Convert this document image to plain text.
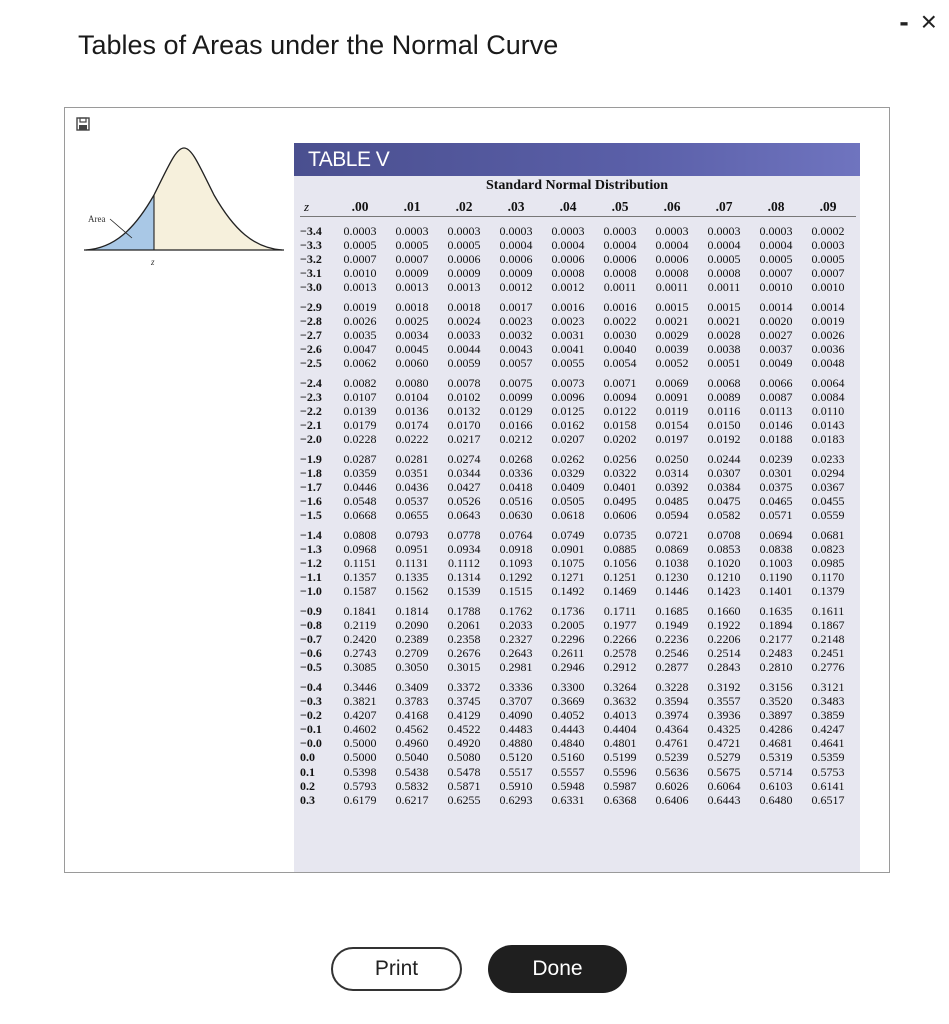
Tables of Areas under the Normal Curve
- ×
Area
z
TABLE V
Standard Normal Distribution
z	.00	.01	.02	.03	.04	.05	.06	.07	.08	.09
−3.4	0.0003	0.0003	0.0003	0.0003	0.0003	0.0003	0.0003	0.0003	0.0003	0.0002
−3.3	0.0005	0.0005	0.0005	0.0004	0.0004	0.0004	0.0004	0.0004	0.0004	0.0003
−3.2	0.0007	0.0007	0.0006	0.0006	0.0006	0.0006	0.0006	0.0005	0.0005	0.0005
−3.1	0.0010	0.0009	0.0009	0.0009	0.0008	0.0008	0.0008	0.0008	0.0007	0.0007
−3.0	0.0013	0.0013	0.0013	0.0012	0.0012	0.0011	0.0011	0.0011	0.0010	0.0010
−2.9	0.0019	0.0018	0.0018	0.0017	0.0016	0.0016	0.0015	0.0015	0.0014	0.0014
−2.8	0.0026	0.0025	0.0024	0.0023	0.0023	0.0022	0.0021	0.0021	0.0020	0.0019
−2.7	0.0035	0.0034	0.0033	0.0032	0.0031	0.0030	0.0029	0.0028	0.0027	0.0026
−2.6	0.0047	0.0045	0.0044	0.0043	0.0041	0.0040	0.0039	0.0038	0.0037	0.0036
−2.5	0.0062	0.0060	0.0059	0.0057	0.0055	0.0054	0.0052	0.0051	0.0049	0.0048
−2.4	0.0082	0.0080	0.0078	0.0075	0.0073	0.0071	0.0069	0.0068	0.0066	0.0064
−2.3	0.0107	0.0104	0.0102	0.0099	0.0096	0.0094	0.0091	0.0089	0.0087	0.0084
−2.2	0.0139	0.0136	0.0132	0.0129	0.0125	0.0122	0.0119	0.0116	0.0113	0.0110
−2.1	0.0179	0.0174	0.0170	0.0166	0.0162	0.0158	0.0154	0.0150	0.0146	0.0143
−2.0	0.0228	0.0222	0.0217	0.0212	0.0207	0.0202	0.0197	0.0192	0.0188	0.0183
−1.9	0.0287	0.0281	0.0274	0.0268	0.0262	0.0256	0.0250	0.0244	0.0239	0.0233
−1.8	0.0359	0.0351	0.0344	0.0336	0.0329	0.0322	0.0314	0.0307	0.0301	0.0294
−1.7	0.0446	0.0436	0.0427	0.0418	0.0409	0.0401	0.0392	0.0384	0.0375	0.0367
−1.6	0.0548	0.0537	0.0526	0.0516	0.0505	0.0495	0.0485	0.0475	0.0465	0.0455
−1.5	0.0668	0.0655	0.0643	0.0630	0.0618	0.0606	0.0594	0.0582	0.0571	0.0559
−1.4	0.0808	0.0793	0.0778	0.0764	0.0749	0.0735	0.0721	0.0708	0.0694	0.0681
−1.3	0.0968	0.0951	0.0934	0.0918	0.0901	0.0885	0.0869	0.0853	0.0838	0.0823
−1.2	0.1151	0.1131	0.1112	0.1093	0.1075	0.1056	0.1038	0.1020	0.1003	0.0985
−1.1	0.1357	0.1335	0.1314	0.1292	0.1271	0.1251	0.1230	0.1210	0.1190	0.1170
−1.0	0.1587	0.1562	0.1539	0.1515	0.1492	0.1469	0.1446	0.1423	0.1401	0.1379
−0.9	0.1841	0.1814	0.1788	0.1762	0.1736	0.1711	0.1685	0.1660	0.1635	0.1611
−0.8	0.2119	0.2090	0.2061	0.2033	0.2005	0.1977	0.1949	0.1922	0.1894	0.1867
−0.7	0.2420	0.2389	0.2358	0.2327	0.2296	0.2266	0.2236	0.2206	0.2177	0.2148
−0.6	0.2743	0.2709	0.2676	0.2643	0.2611	0.2578	0.2546	0.2514	0.2483	0.2451
−0.5	0.3085	0.3050	0.3015	0.2981	0.2946	0.2912	0.2877	0.2843	0.2810	0.2776
−0.4	0.3446	0.3409	0.3372	0.3336	0.3300	0.3264	0.3228	0.3192	0.3156	0.3121
−0.3	0.3821	0.3783	0.3745	0.3707	0.3669	0.3632	0.3594	0.3557	0.3520	0.3483
−0.2	0.4207	0.4168	0.4129	0.4090	0.4052	0.4013	0.3974	0.3936	0.3897	0.3859
−0.1	0.4602	0.4562	0.4522	0.4483	0.4443	0.4404	0.4364	0.4325	0.4286	0.4247
−0.0	0.5000	0.4960	0.4920	0.4880	0.4840	0.4801	0.4761	0.4721	0.4681	0.4641
0.0	0.5000	0.5040	0.5080	0.5120	0.5160	0.5199	0.5239	0.5279	0.5319	0.5359
0.1	0.5398	0.5438	0.5478	0.5517	0.5557	0.5596	0.5636	0.5675	0.5714	0.5753
0.2	0.5793	0.5832	0.5871	0.5910	0.5948	0.5987	0.6026	0.6064	0.6103	0.6141
0.3	0.6179	0.6217	0.6255	0.6293	0.6331	0.6368	0.6406	0.6443	0.6480	0.6517
Print	Done
